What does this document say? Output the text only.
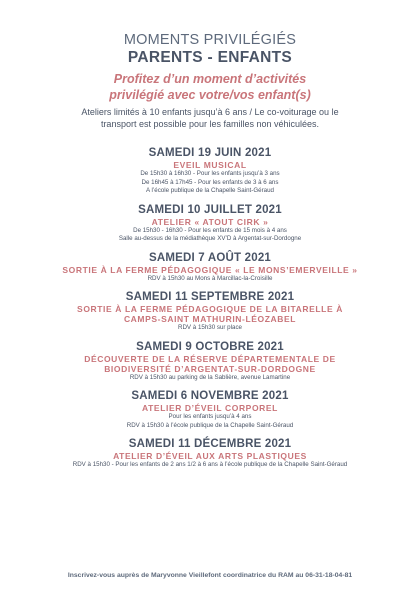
MOMENTS PRIVILÉGIÉS
PARENTS - ENFANTS
Profitez d’un moment d’activités
privilégié avec votre/vos enfant(s)
Ateliers limités à 10 enfants jusqu’à 6 ans / Le co-voiturage ou le
transport est possible pour les familles non véhiculées.
SAMEDI 19 JUIN 2021
EVEIL MUSICAL
De 15h30 à 16h30 - Pour les enfants jusqu’à 3 ans
De 16h45 à 17h45 - Pour les enfants de 3 à 6 ans
A l’école publique de la Chapelle Saint-Géraud
SAMEDI 10 JUILLET 2021
ATELIER « ATOUT CIRK »
De 15h30 - 16h30 - Pour les enfants de 15 mois à 4 ans
Salle au-dessus de la médiathèque XV’D à Argentat-sur-Dordogne
SAMEDI 7 AOÛT 2021
SORTIE À LA FERME PÉDAGOGIQUE « LE MONS’EMERVEILLE »
RDV à 15h30 au Mons à Marcillac-la-Croisille
SAMEDI 11 SEPTEMBRE 2021
SORTIE À LA FERME PÉDAGOGIQUE DE LA BITARELLE À
CAMPS-SAINT MATHURIN-LÉOZABEL
RDV à 15h30 sur place
SAMEDI 9 OCTOBRE 2021
DÉCOUVERTE DE LA RÉSERVE DÉPARTEMENTALE DE
BIODIVERSITÉ D’ARGENTAT-SUR-DORDOGNE
RDV à 15h30 au parking de la Sablière, avenue Lamartine
SAMEDI 6 NOVEMBRE 2021
ATELIER D’ÉVEIL CORPOREL
Pour les enfants jusqu’à 4 ans
RDV à 15h30 à l’école publique de la Chapelle Saint-Géraud
SAMEDI 11 DÉCEMBRE 2021
ATELIER D’ÉVEIL AUX ARTS PLASTIQUES
RDV à 15h30 - Pour les enfants de 2 ans 1/2 à 6 ans à l’école publique de la Chapelle Saint-Géraud
Inscrivez-vous auprès de Maryvonne Vieillefont coordinatrice du RAM au 06-31-18-04-81
